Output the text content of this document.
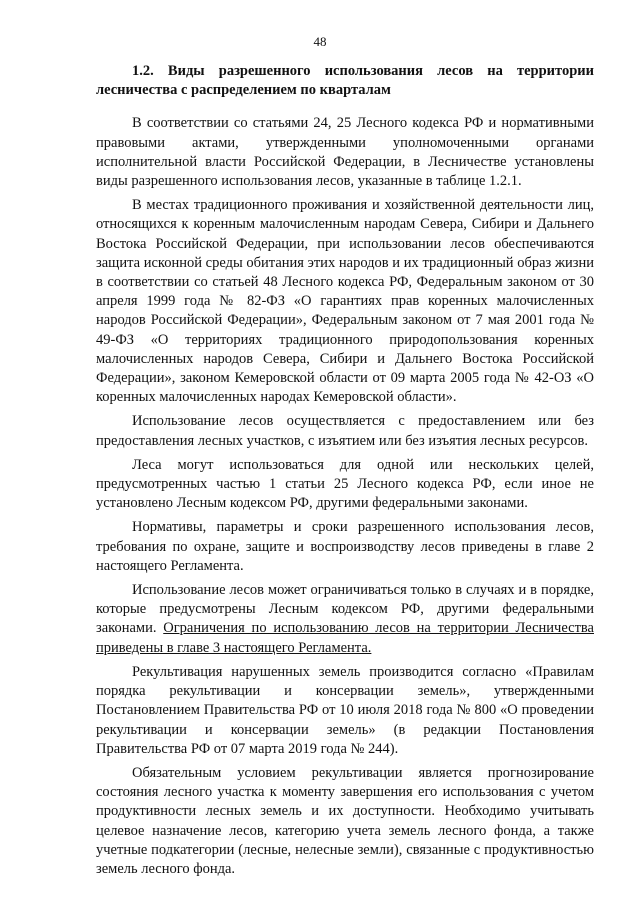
48

1.2. Виды разрешенного использования лесов на территории лесничества с распределением по кварталам

В соответствии со статьями 24, 25 Лесного кодекса РФ и нормативными правовыми актами, утвержденными уполномоченными органами исполнительной власти Российской Федерации, в Лесничестве установлены виды разрешенного использования лесов, указанные в таблице 1.2.1.

В местах традиционного проживания и хозяйственной деятельности лиц, относящихся к коренным малочисленным народам Севера, Сибири и Дальнего Востока Российской Федерации, при использовании лесов обеспечиваются защита исконной среды обитания этих народов и их традиционный образ жизни в соответствии со статьей 48 Лесного кодекса РФ, Федеральным законом от 30 апреля 1999 года № 82-ФЗ «О гарантиях прав коренных малочисленных народов Российской Федерации», Федеральным законом от 7 мая 2001 года № 49-ФЗ «О территориях традиционного природопользования коренных малочисленных народов Севера, Сибири и Дальнего Востока Российской Федерации», законом Кемеровской области от 09 марта 2005 года № 42-ОЗ «О коренных малочисленных народах Кемеровской области».

Использование лесов осуществляется с предоставлением или без предоставления лесных участков, с изъятием или без изъятия лесных ресурсов.

Леса могут использоваться для одной или нескольких целей, предусмотренных частью 1 статьи 25 Лесного кодекса РФ, если иное не установлено Лесным кодексом РФ, другими федеральными законами.

Нормативы, параметры и сроки разрешенного использования лесов, требования по охране, защите и воспроизводству лесов приведены в главе 2 настоящего Регламента.

Использование лесов может ограничиваться только в случаях и в порядке, которые предусмотрены Лесным кодексом РФ, другими федеральными законами. Ограничения по использованию лесов на территории Лесничества приведены в главе 3 настоящего Регламента.

Рекультивация нарушенных земель производится согласно «Правилам порядка рекультивации и консервации земель», утвержденными Постановлением Правительства РФ от 10 июля 2018 года № 800 «О проведении рекультивации и консервации земель» (в редакции Постановления Правительства РФ от 07 марта 2019 года № 244).

Обязательным условием рекультивации является прогнозирование состояния лесного участка к моменту завершения его использования с учетом продуктивности лесных земель и их доступности. Необходимо учитывать целевое назначение лесов, категорию учета земель лесного фонда, а также учетные подкатегории (лесные, нелесные земли), связанные с продуктивностью земель лесного фонда.
